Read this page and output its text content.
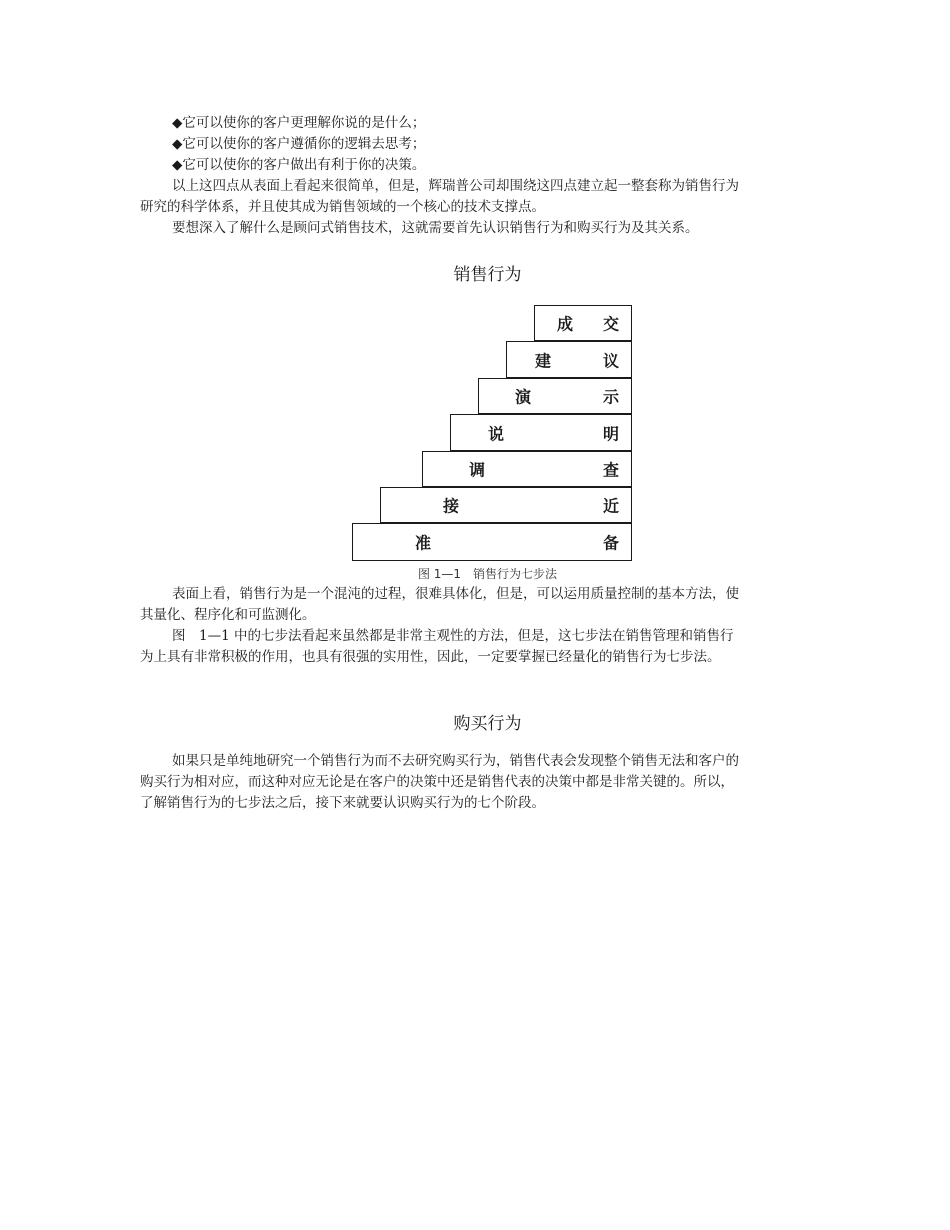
◆它可以使你的客户更理解你说的是什么；

◆它可以使你的客户遵循你的逻辑去思考；

◆它可以使你的客户做出有利于你的决策。

以上这四点从表面上看起来很简单，但是，辉瑞普公司却围绕这四点建立起一整套称为销售行为研究的科学体系，并且使其成为销售领域的一个核心的技术支撑点。

要想深入了解什么是顾问式销售技术，这就需要首先认识销售行为和购买行为及其关系。

销售行为
成 交
建	议
演	示
说	明
调	查
接	近
准	备
图 1—1　销售行为七步法

表面上看，销售行为是一个混沌的过程，很难具体化，但是，可以运用质量控制的基本方法，使其量化、程序化和可监测化。

图　1—1 中的七步法看起来虽然都是非常主观性的方法，但是，这七步法在销售管理和销售行为上具有非常积极的作用，也具有很强的实用性，因此，一定要掌握已经量化的销售行为七步法。

购买行为

如果只是单纯地研究一个销售行为而不去研究购买行为，销售代表会发现整个销售无法和客户的购买行为相对应，而这种对应无论是在客户的决策中还是销售代表的决策中都是非常关键的。所以，了解销售行为的七步法之后，接下来就要认识购买行为的七个阶段。
